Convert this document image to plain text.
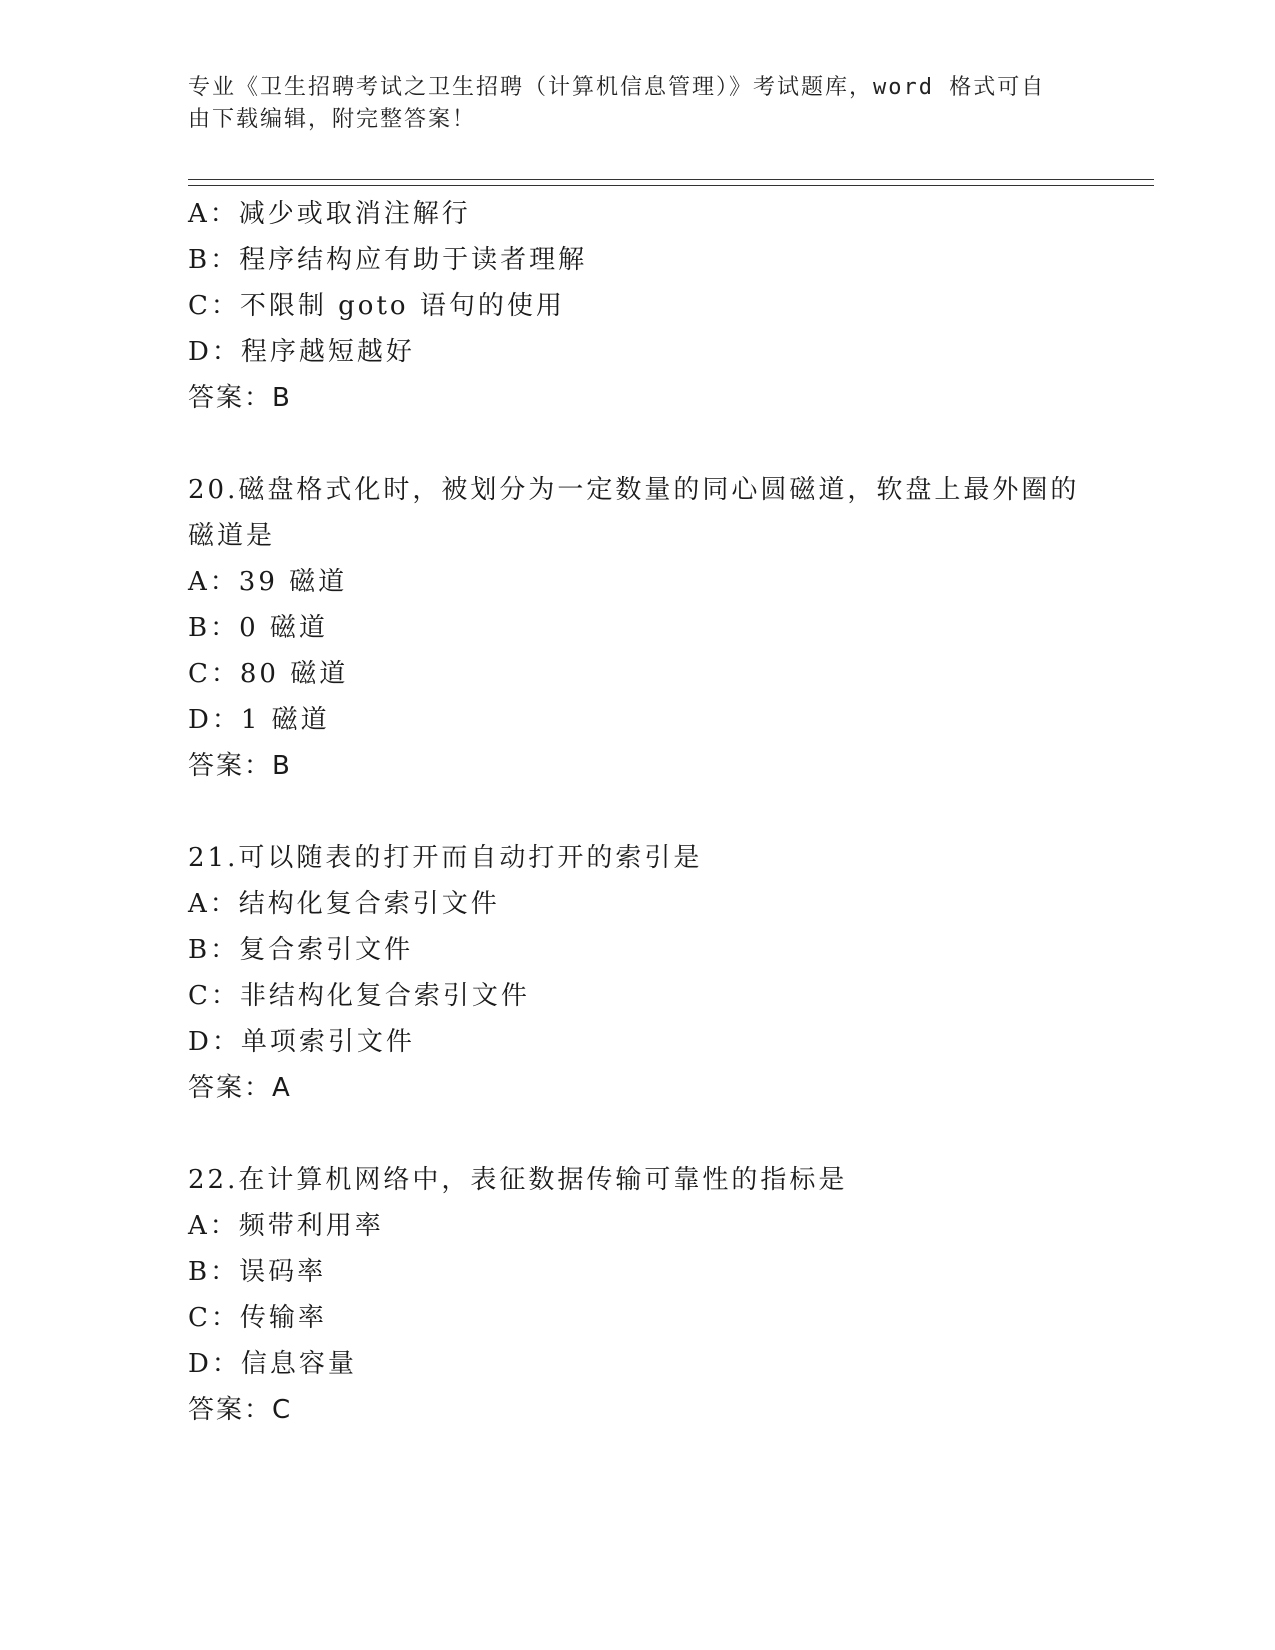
专业《卫生招聘考试之卫生招聘（计算机信息管理）》考试题库，word 格式可自
由下载编辑，附完整答案！
A：减少或取消注解行
B：程序结构应有助于读者理解
C：不限制 goto 语句的使用
D：程序越短越好
答案：B
20.磁盘格式化时，被划分为一定数量的同心圆磁道，软盘上最外圈的
磁道是
A：39 磁道
B：0 磁道
C：80 磁道
D：1 磁道
答案：B
21.可以随表的打开而自动打开的索引是
A：结构化复合索引文件
B：复合索引文件
C：非结构化复合索引文件
D：单项索引文件
答案：A
22.在计算机网络中，表征数据传输可靠性的指标是
A：频带利用率
B：误码率
C：传输率
D：信息容量
答案：C
